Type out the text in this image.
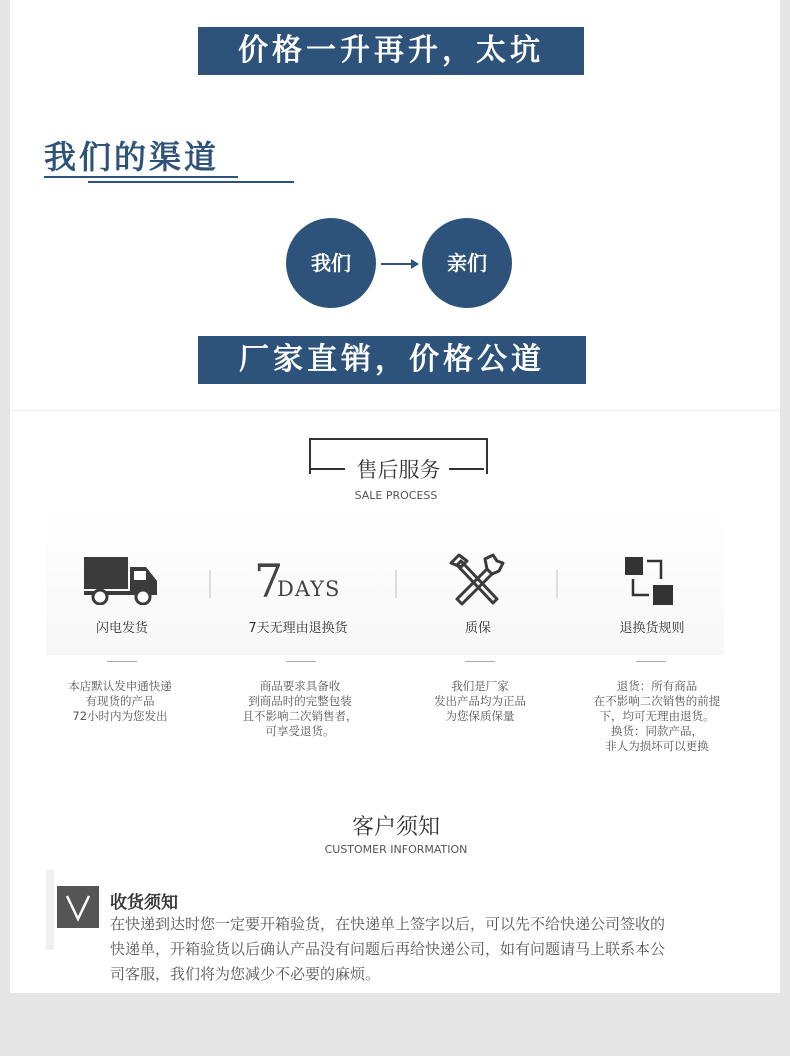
价格一升再升，太坑
我们的渠道
我们	亲们
厂家直销，价格公道
售后服务
SALE PROCESS
7
DAYS
闪电发货	7天无理由退换货	质保	退换货规则
本店默认发申通快递
有现货的产品
72小时内为您发出
商品要求具备收
到商品时的完整包装
且不影响二次销售者，
可享受退货。
我们是厂家
发出产品均为正品
为您保质保量
退货：所有商品
在不影响二次销售的前提
下，均可无理由退货。
换货：同款产品，
非人为损坏可以更换
客户须知
CUSTOMER INFORMATION
收货须知
在快递到达时您一定要开箱验货，在快递单上签字以后，可以先不给快递公司签收的
快递单，开箱验货以后确认产品没有问题后再给快递公司，如有问题请马上联系本公
司客服，我们将为您减少不必要的麻烦。
